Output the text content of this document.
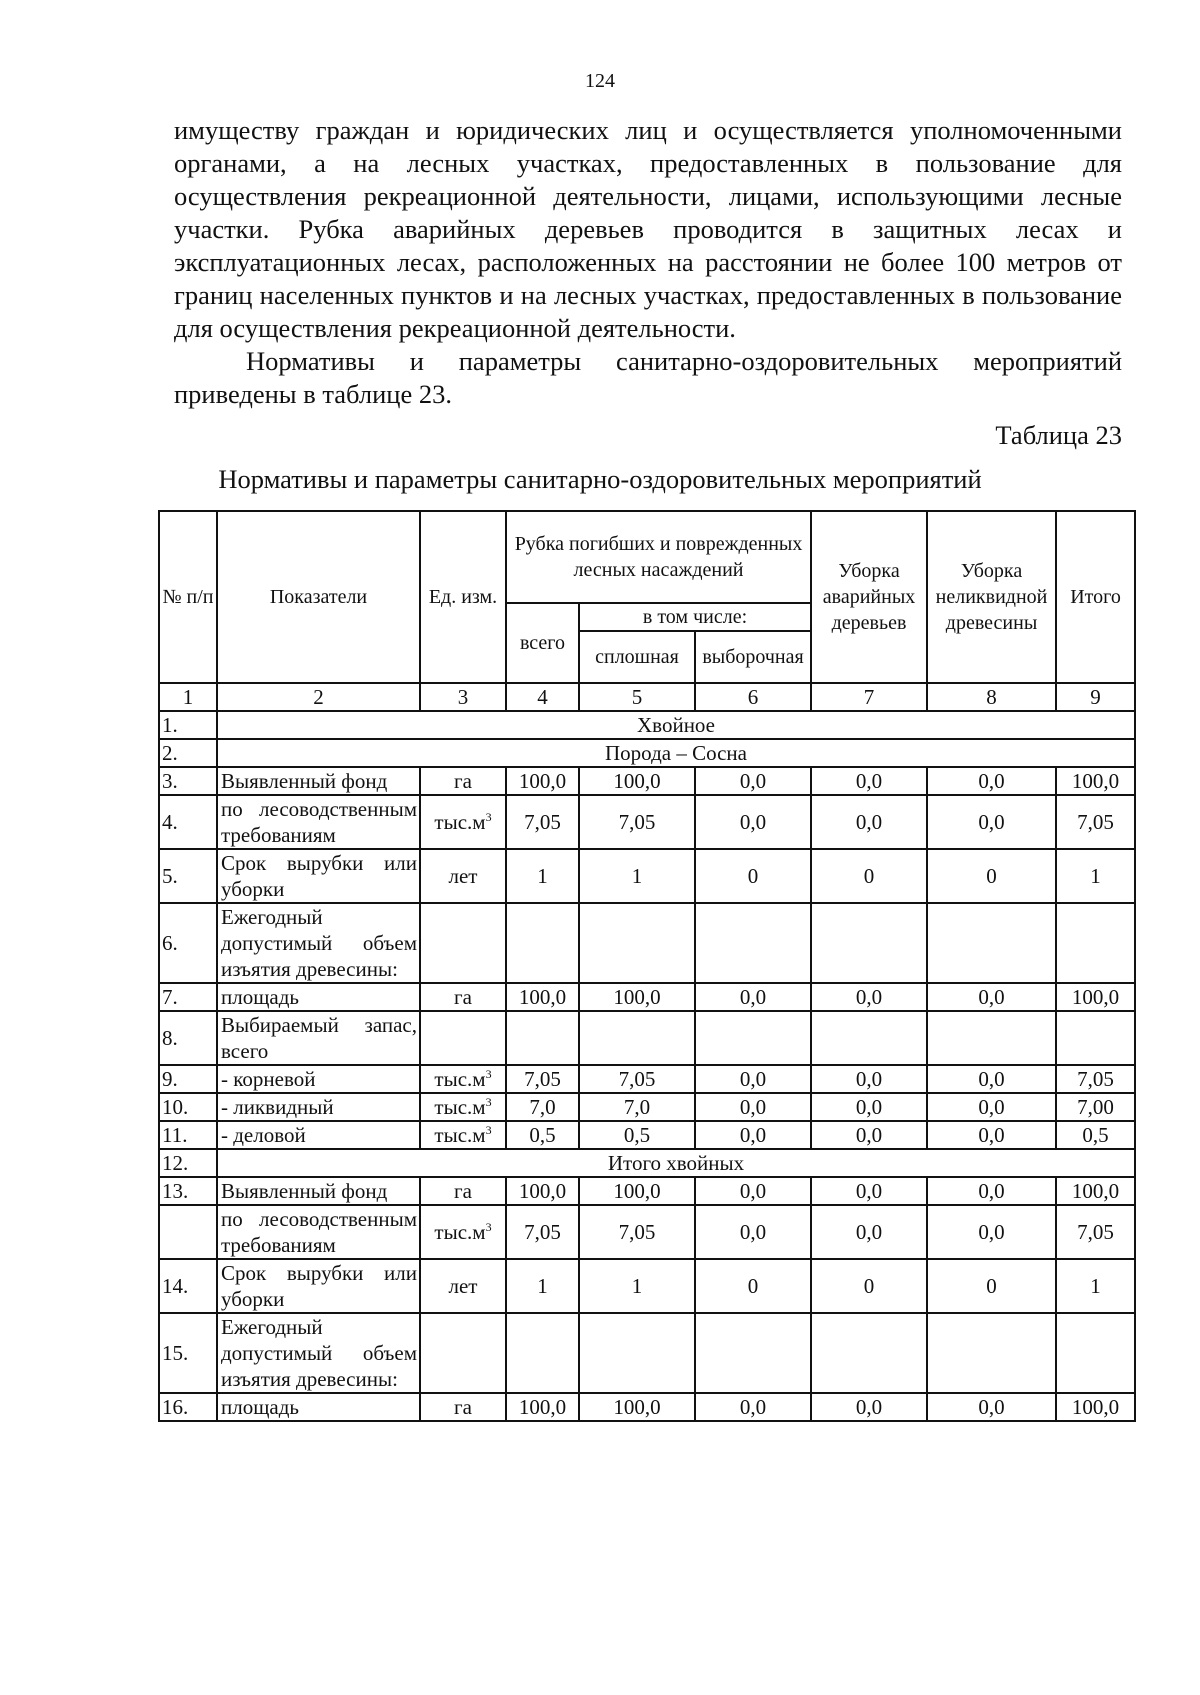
124

имуществу граждан и юридических лиц и осуществляется уполномоченными органами, а на лесных участках, предоставленных в пользование для осуществления рекреационной деятельности, лицами, использующими лесные участки. Рубка аварийных деревьев проводится в защитных лесах и эксплуатационных лесах, расположенных на расстоянии не более 100 метров от границ населенных пунктов и на лесных участках, предоставленных в пользование для осуществления рекреационной деятельности.

Нормативы и параметры санитарно-оздоровительных мероприятий приведены в таблице 23.

Таблица 23
Нормативы и параметры санитарно-оздоровительных мероприятий
№ п/п	Показатели	Ед. изм.	Рубка погибших и поврежденных лесных насаждений			Уборка аварийных деревьев	Уборка неликвидной древесины	Итого
			всего	в том числе:				
				сплошная	выборочная			
1	2	3	4	5	6	7	8	9
1.	Хвойное							
2.	Порода – Сосна							
3.	Выявленный фонд	га	100,0	100,0	0,0	0,0	0,0	100,0
4.	по лесоводственным требованиям	$тыс.м^3$	7,05	7,05	0,0	0,0	0,0	7,05
5.	Срок вырубки или уборки	лет	1	1	0	0	0	1
6.	Ежегодный допустимый объем изъятия древесины:							
7.	площадь	га	100,0	100,0	0,0	0,0	0,0	100,0
8.	Выбираемый запас, всего							
9.	- корневой	$тыс.м^3$	7,05	7,05	0,0	0,0	0,0	7,05
10.	- ликвидный	$тыс.м^3$	7,0	7,0	0,0	0,0	0,0	7,00
11.	- деловой	$тыс.м^3$	0,5	0,5	0,0	0,0	0,0	0,5
12.	Итого хвойных							
13.	Выявленный фонд	га	100,0	100,0	0,0	0,0	0,0	100,0
	по лесоводственным требованиям	$тыс.м^3$	7,05	7,05	0,0	0,0	0,0	7,05
14.	Срок вырубки или уборки	лет	1	1	0	0	0	1
15.	Ежегодный допустимый объем изъятия древесины:							
16.	площадь	га	100,0	100,0	0,0	0,0	0,0	100,0
